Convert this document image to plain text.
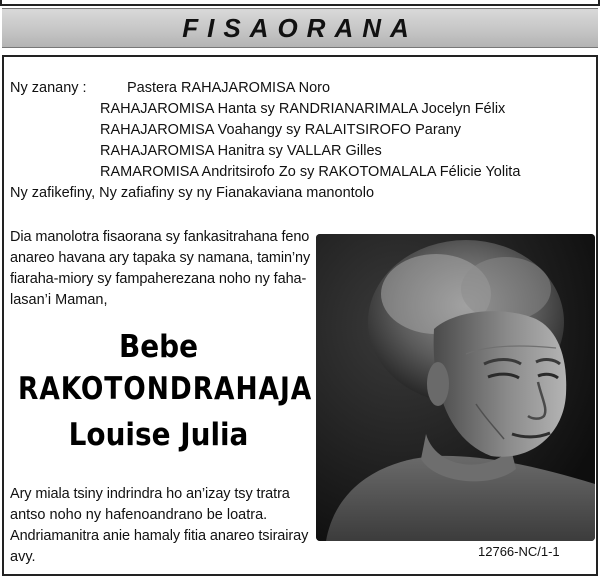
FISAORANA
Ny zanany :	Pastera RAHAJAROMISA Noro
RAHAJAROMISA Hanta sy RANDRIANARIMALA Jocelyn Félix
RAHAJAROMISA Voahangy sy RALAITSIROFO Parany
RAHAJAROMISA Hanitra sy VALLAR Gilles
RAMAROMISA Andritsirofo Zo sy RAKOTOMALALA Félicie Yolita
Ny zafikefiny, Ny zafiafiny sy ny Fianakaviana manontolo
Dia manolotra fisaorana sy fankasitrahana feno
anareo havana ary tapaka sy namana, tamin’ny
fiaraha-miory sy fampaherezana noho ny faha-
lasan’i Maman,
Bebe
RAKOTONDRAHAJA
Louise Julia
Ary miala tsiny indrindra ho an’izay tsy tratra
antso noho ny hafenoandrano be loatra.
Andriamanitra anie hamaly fitia anareo tsirairay
avy.	12766-NC/1-1
